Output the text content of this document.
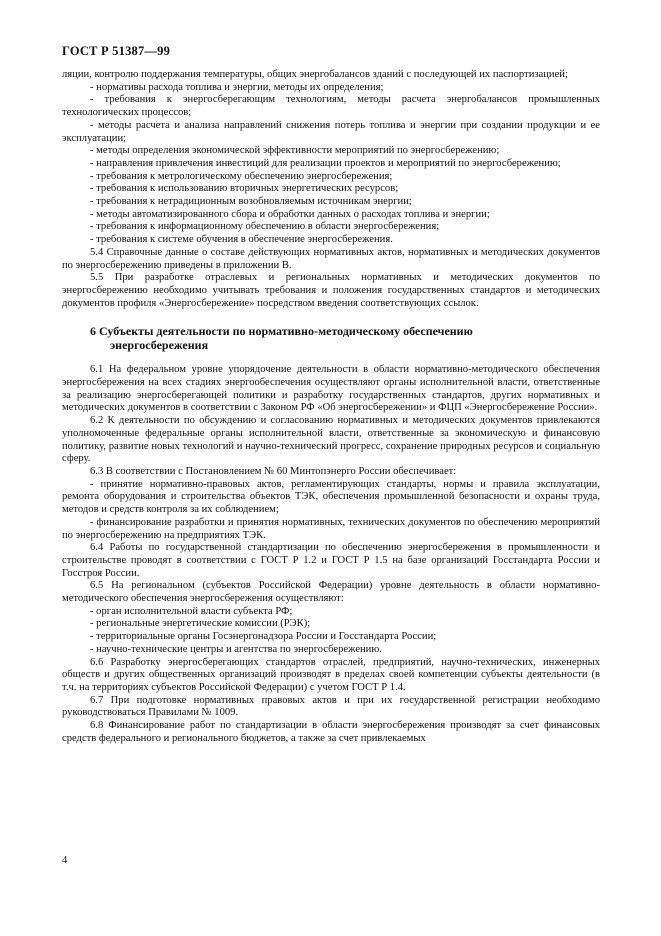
ГОСТ Р 51387—99

ляции, контролю поддержания температуры, общих энергобалансов зданий с последующей их паспортизацией;

- нормативы расхода топлива и энергии, методы их определения;

- требования к энергосберегающим технологиям, методы расчета энергобалансов промышленных технологических процессов;

- методы расчета и анализа направлений снижения потерь топлива и энергии при создании продукции и ее эксплуатации;

- методы определения экономической эффективности мероприятий по энергосбережению;

- направления привлечения инвестиций для реализации проектов и мероприятий по энергосбережению;

- требования к метрологическому обеспечению энергосбережения;

- требования к использованию вторичных энергетических ресурсов;

- требования к нетрадиционным возобновляемым источникам энергии;

- методы автоматизированного сбора и обработки данных о расходах топлива и энергии;

- требования к информационному обеспечению в области энергосбережения;

- требования к системе обучения в обеспечение энергосбережения.

5.4 Справочные данные о составе действующих нормативных актов, нормативных и методических документов по энергосбережению приведены в приложении В.

5.5 При разработке отраслевых и региональных нормативных и методических документов по энергосбережению необходимо учитывать требования и положения государственных стандартов и методических документов профиля «Энергосбережение» посредством введения соответствующих ссылок.

6 Субъекты деятельности по нормативно-методическому обеспечению
энергосбережения

6.1 На федеральном уровне упорядочение деятельности в области нормативно-методического обеспечения энергосбережения на всех стадиях энергообеспечения осуществляют органы исполнительной власти, ответственные за реализацию энергосберегающей политики и разработку государственных стандартов, других нормативных и методических документов в соответствии с Законом РФ «Об энергосбережении» и ФЦП «Энергосбережение России».

6.2 К деятельности по обсуждению и согласованию нормативных и методических документов привлекаются уполномоченные федеральные органы исполнительной власти, ответственные за экономическую и финансовую политику, развитие новых технологий и научно-технический прогресс, сохранение природных ресурсов и социальную сферу.

6.3 В соответствии с Постановлением № 60 Минтопэнерго России обеспечивает:

- принятие нормативно-правовых актов, регламентирующих стандарты, нормы и правила эксплуатации, ремонта оборудования и строительства объектов ТЭК, обеспечения промышленной безопасности и охраны труда, методов и средств контроля за их соблюдением;

- финансирование разработки и принятия нормативных, технических документов по обеспечению мероприятий по энергосбережению на предприятиях ТЭК.

6.4 Работы по государственной стандартизации по обеспечению энергосбережения в промышленности и строительстве проводят в соответствии с ГОСТ Р 1.2 и ГОСТ Р 1.5 на базе организаций Госстандарта России и Госстроя России.

6.5 На региональном (субъектов Российской Федерации) уровне деятельность в области нормативно-методического обеспечения энергосбережения осуществляют:

- орган исполнительной власти субъекта РФ;

- региональные энергетические комиссии (РЭК);

- территориальные органы Госэнергонадзора России и Госстандарта России;

- научно-технические центры и агентства по энергосбережению.

6.6 Разработку энергосберегающих стандартов отраслей, предприятий, научно-технических, инженерных обществ и других общественных организаций производят в пределах своей компетенции субъекты деятельности (в т.ч. на территориях субъектов Российской Федерации) с учетом ГОСТ Р 1.4.

6.7 При подготовке нормативных правовых актов и при их государственной регистрации необходимо руководствоваться Правилами № 1009.

6.8 Финансирование работ по стандартизации в области энергосбережения производят за счет финансовых средств федерального и регионального бюджетов, а также за счет привлекаемых

4
